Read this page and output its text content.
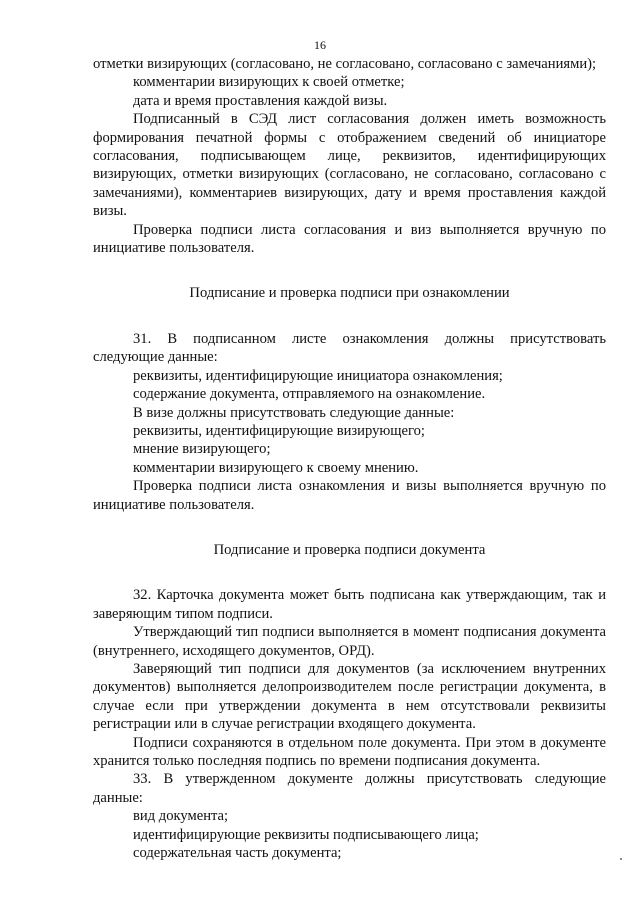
16

отметки визирующих (согласовано, не согласовано, согласовано с замечаниями);

комментарии визирующих к своей отметке;

дата и время проставления каждой визы.

Подписанный в СЭД лист согласования должен иметь возможность формирования печатной формы с отображением сведений об инициаторе согласования, подписывающем лице, реквизитов, идентифицирующих визирующих, отметки визирующих (согласовано, не согласовано, согласовано с замечаниями), комментариев визирующих, дату и время проставления каждой визы.

Проверка подписи листа согласования и виз выполняется вручную по инициативе пользователя.

Подписание и проверка подписи при ознакомлении

31. В подписанном листе ознакомления должны присутствовать следующие данные:

реквизиты, идентифицирующие инициатора ознакомления;

содержание документа, отправляемого на ознакомление.

В визе должны присутствовать следующие данные:

реквизиты, идентифицирующие визирующего;

мнение визирующего;

комментарии визирующего к своему мнению.

Проверка подписи листа ознакомления и визы выполняется вручную по инициативе пользователя.

Подписание и проверка подписи документа

32. Карточка документа может быть подписана как утверждающим, так и заверяющим типом подписи.

Утверждающий тип подписи выполняется в момент подписания документа (внутреннего, исходящего документов, ОРД).

Заверяющий тип подписи для документов (за исключением внутренних документов) выполняется делопроизводителем после регистрации документа, в случае если при утверждении документа в нем отсутствовали реквизиты регистрации или в случае регистрации входящего документа.

Подписи сохраняются в отдельном поле документа. При этом в документе хранится только последняя подпись по времени подписания документа.

33. В утвержденном документе должны присутствовать следующие данные:

вид документа;

идентифицирующие реквизиты подписывающего лица;

содержательная часть документа;
